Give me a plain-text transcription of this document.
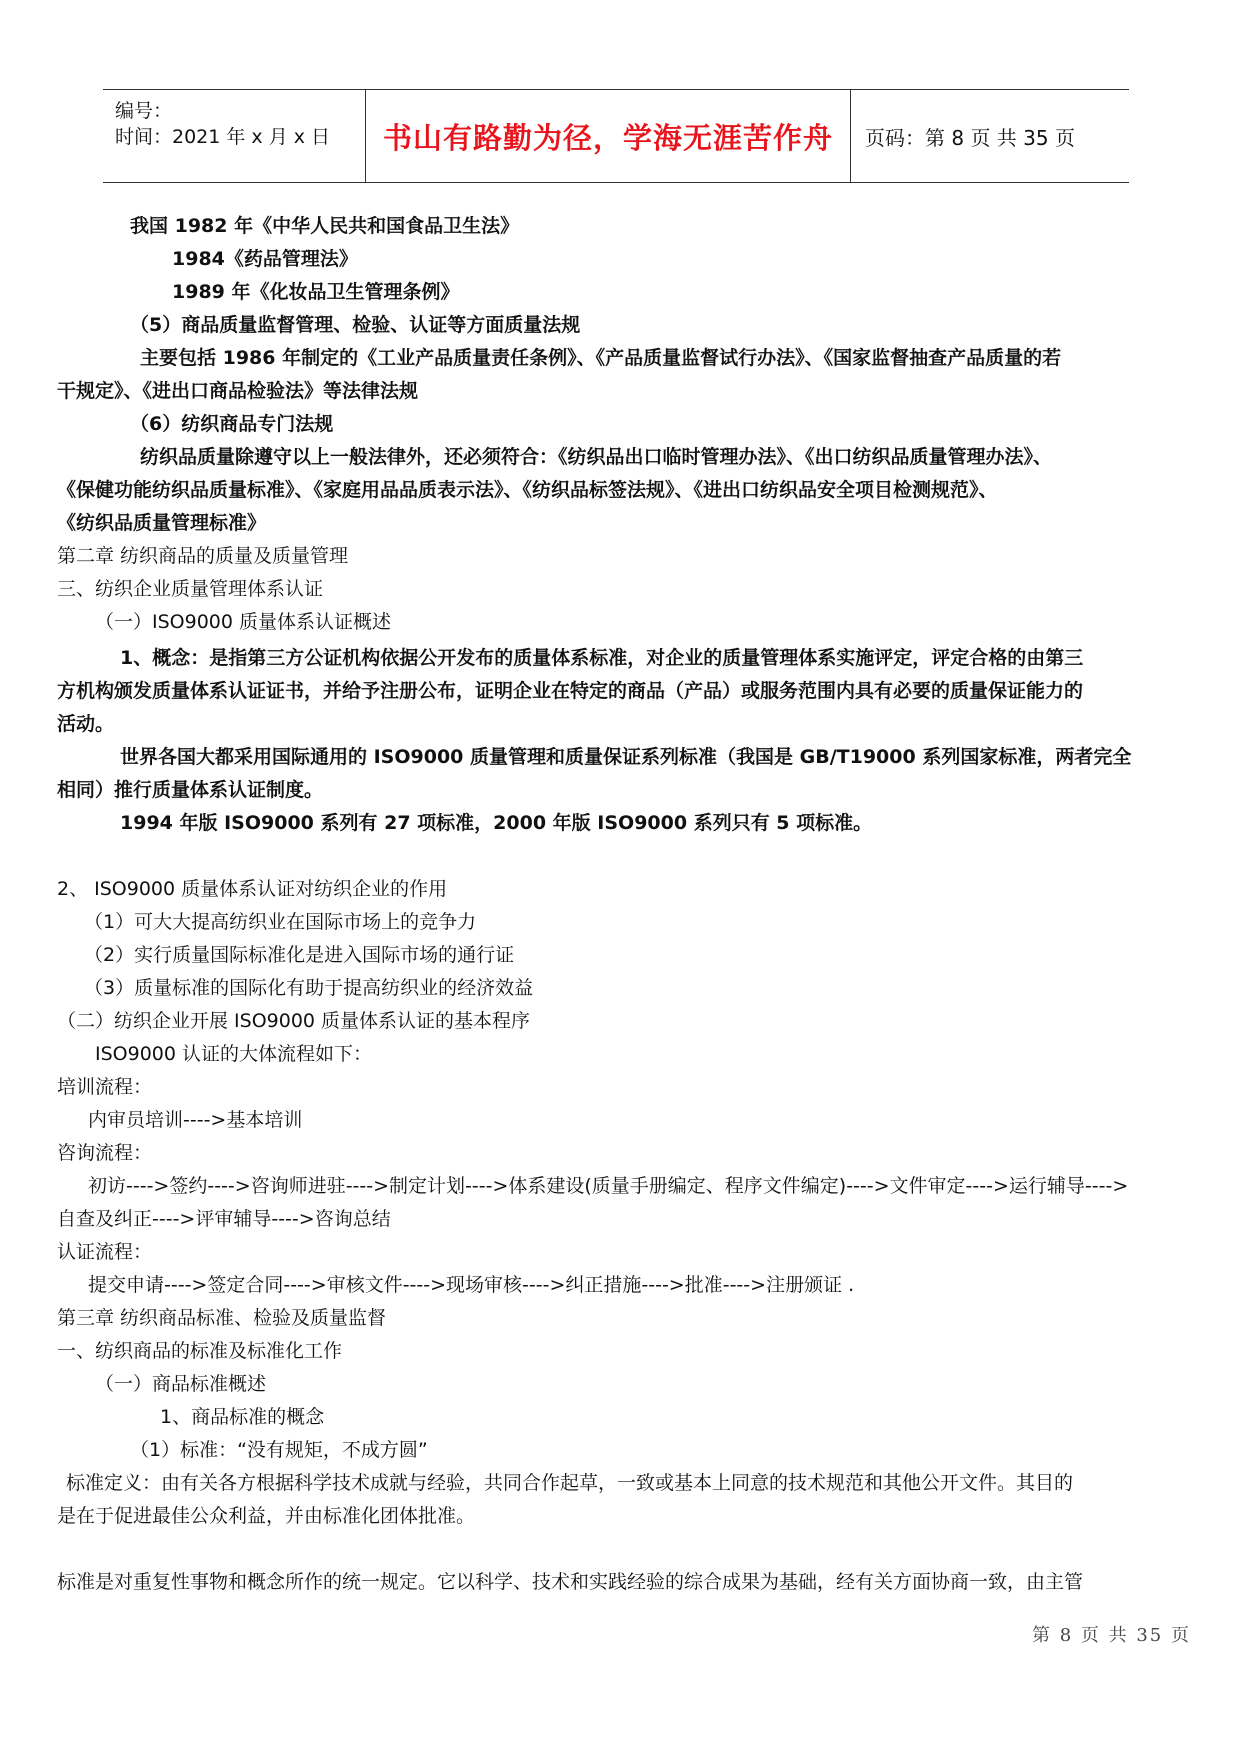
编号：
时间：2021 年 x 月 x 日 书山有路勤为径，学海无涯苦作舟 页码：第 8 页 共 35 页
我国 1982 年《中华人民共和国食品卫生法》
1984《药品管理法》
1989 年《化妆品卫生管理条例》
（5）商品质量监督管理、检验、认证等方面质量法规
主要包括 1986 年制定的《工业产品质量责任条例》、《产品质量监督试行办法》、《国家监督抽查产品质量的若
干规定》、《进出口商品检验法》等法律法规
（6）纺织商品专门法规
纺织品质量除遵守以上一般法律外，还必须符合：《纺织品出口临时管理办法》、《出口纺织品质量管理办法》、
《保健功能纺织品质量标准》、《家庭用品品质表示法》、《纺织品标签法规》、《进出口纺织品安全项目检测规范》、
《纺织品质量管理标准》
第二章 纺织商品的质量及质量管理
三、纺织企业质量管理体系认证
（一）ISO9000 质量体系认证概述
1、概念：是指第三方公证机构依据公开发布的质量体系标准，对企业的质量管理体系实施评定，评定合格的由第三
方机构颁发质量体系认证证书，并给予注册公布，证明企业在特定的商品（产品）或服务范围内具有必要的质量保证能力的
活动。
世界各国大都采用国际通用的 ISO9000 质量管理和质量保证系列标准（我国是 GB/T19000 系列国家标准，两者完全
相同）推行质量体系认证制度。
1994 年版 ISO9000 系列有 27 项标准，2000 年版 ISO9000 系列只有 5 项标准。
2、 ISO9000 质量体系认证对纺织企业的作用
（1）可大大提高纺织业在国际市场上的竞争力
（2）实行质量国际标准化是进入国际市场的通行证
（3）质量标准的国际化有助于提高纺织业的经济效益
（二）纺织企业开展 ISO9000 质量体系认证的基本程序
ISO9000 认证的大体流程如下：
培训流程：
内审员培训---->基本培训
咨询流程：
初访---->签约---->咨询师进驻---->制定计划---->体系建设(质量手册编定、程序文件编定)---->文件审定---->运行辅导---->
自查及纠正---->评审辅导---->咨询总结
认证流程：
提交申请---->签定合同---->审核文件---->现场审核---->纠正措施---->批准---->注册颁证 .
第三章 纺织商品标准、检验及质量监督
一、纺织商品的标准及标准化工作
（一）商品标准概述
1、商品标准的概念
（1）标准：“没有规矩，不成方圆”
标准定义：由有关各方根据科学技术成就与经验，共同合作起草，一致或基本上同意的技术规范和其他公开文件。其目的
是在于促进最佳公众利益，并由标准化团体批准。
标准是对重复性事物和概念所作的统一规定。它以科学、技术和实践经验的综合成果为基础，经有关方面协商一致，由主管
第 8 页 共 35 页
